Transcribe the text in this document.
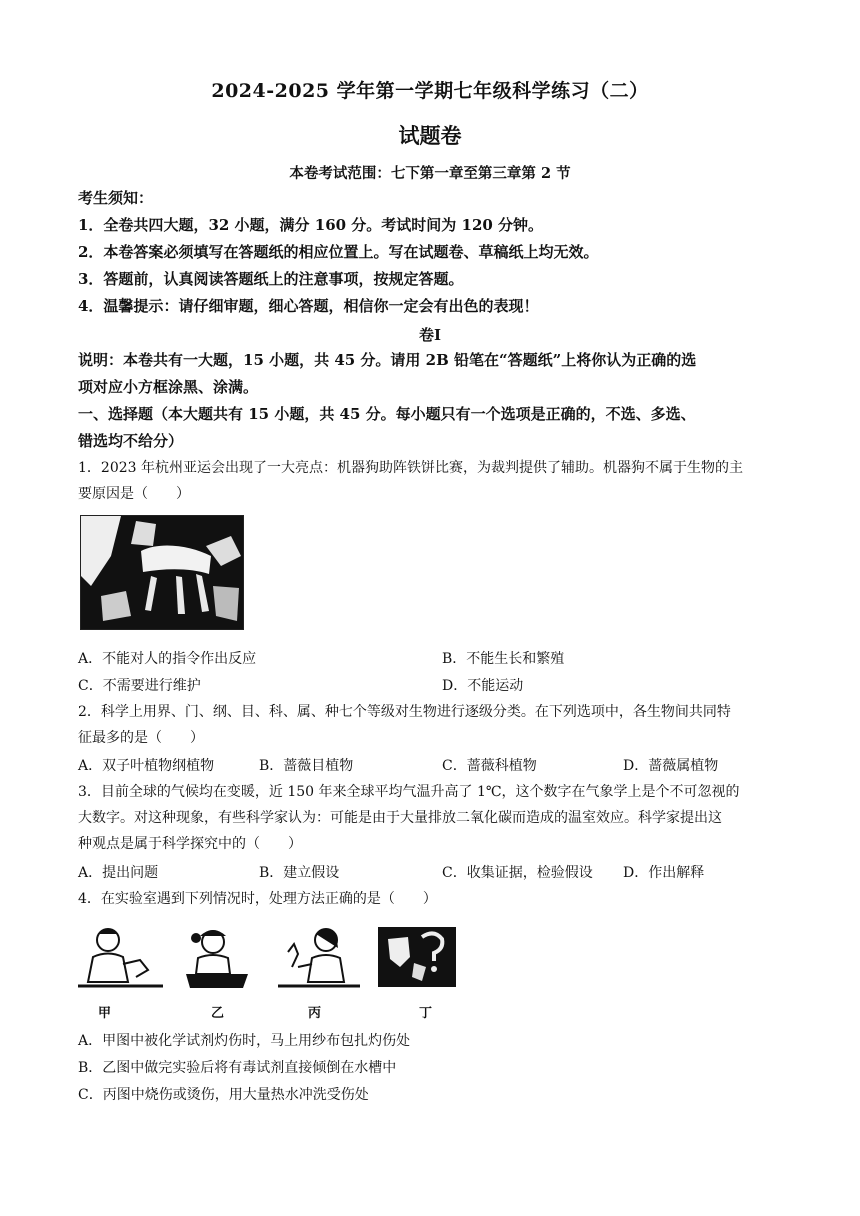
2024-2025 学年第一学期七年级科学练习（二）
试题卷
本卷考试范围：七下第一章至第三章第 2 节
考生须知：
1．全卷共四大题，32 小题，满分 160 分。考试时间为 120 分钟。
2．本卷答案必须填写在答题纸的相应位置上。写在试题卷、草稿纸上均无效。
3．答题前，认真阅读答题纸上的注意事项，按规定答题。
4．温馨提示：请仔细审题，细心答题，相信你一定会有出色的表现！
卷Ⅰ
说明：本卷共有一大题，15 小题，共 45 分。请用 2B 铅笔在“答题纸”上将你认为正确的选
项对应小方框涂黑、涂满。
一、选择题（本大题共有 15 小题，共 45 分。每小题只有一个选项是正确的，不选、多选、
错选均不给分）
1．2023 年杭州亚运会出现了一大亮点：机器狗助阵铁饼比赛，为裁判提供了辅助。机器狗不属于生物的主
要原因是（　　）
A．不能对人的指令作出反应	B．不能生长和繁殖
C．不需要进行维护	D．不能运动
2．科学上用界、门、纲、目、科、属、种七个等级对生物进行逐级分类。在下列选项中，各生物间共同特
征最多的是（　　）
A．双子叶植物纲植物	B．蔷薇目植物	C．蔷薇科植物	D．蔷薇属植物
3．目前全球的气候均在变暖，近 150 年来全球平均气温升高了 1℃，这个数字在气象学上是个不可忽视的
大数字。对这种现象，有些科学家认为：可能是由于大量排放二氧化碳而造成的温室效应。科学家提出这
种观点是属于科学探究中的（　　）
A．提出问题	B．建立假设	C．收集证据，检验假设 D．作出解释
4．在实验室遇到下列情况时，处理方法正确的是（　　）
甲	乙	丙	丁
A．甲图中被化学试剂灼伤时，马上用纱布包扎灼伤处
B．乙图中做完实验后将有毒试剂直接倾倒在水槽中
C．丙图中烧伤或烫伤，用大量热水冲洗受伤处
